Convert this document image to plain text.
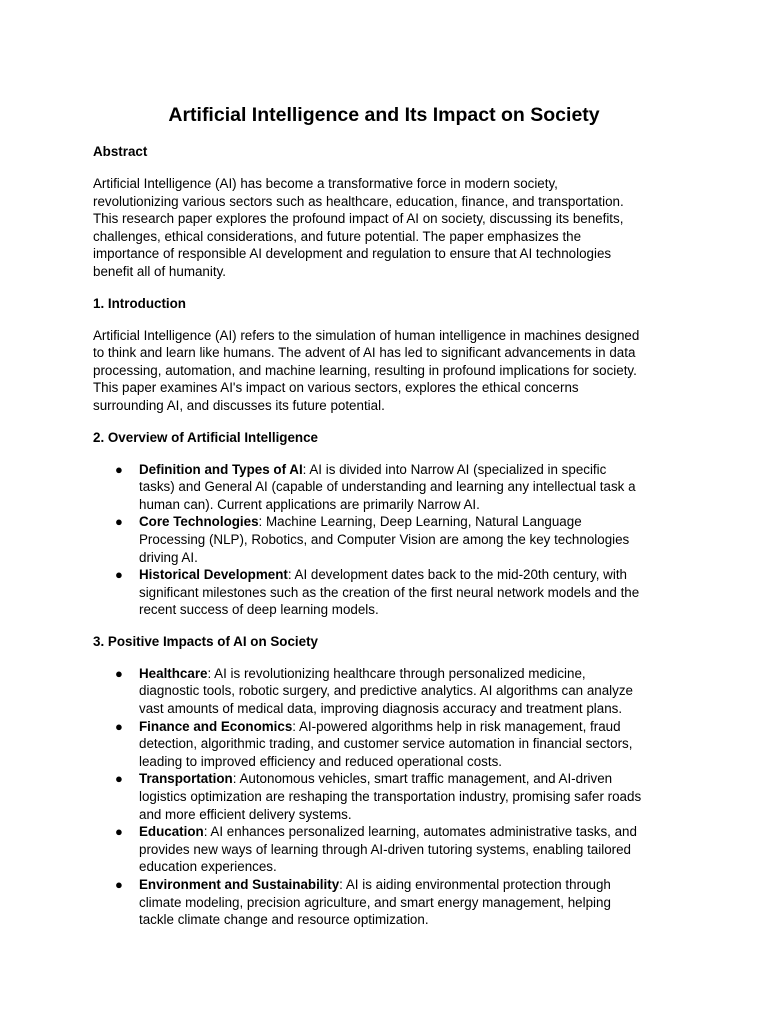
Artificial Intelligence and Its Impact on Society
Abstract

Artificial Intelligence (AI) has become a transformative force in modern society,
revolutionizing various sectors such as healthcare, education, finance, and transportation.
This research paper explores the profound impact of AI on society, discussing its benefits,
challenges, ethical considerations, and future potential. The paper emphasizes the
importance of responsible AI development and regulation to ensure that AI technologies
benefit all of humanity.

1. Introduction

Artificial Intelligence (AI) refers to the simulation of human intelligence in machines designed
to think and learn like humans. The advent of AI has led to significant advancements in data
processing, automation, and machine learning, resulting in profound implications for society.
This paper examines AI's impact on various sectors, explores the ethical concerns
surrounding AI, and discusses its future potential.

2. Overview of Artificial Intelligence
● Definition and Types of AI: AI is divided into Narrow AI (specialized in specific
tasks) and General AI (capable of understanding and learning any intellectual task a
human can). Current applications are primarily Narrow AI.
● Core Technologies: Machine Learning, Deep Learning, Natural Language
Processing (NLP), Robotics, and Computer Vision are among the key technologies
driving AI.
● Historical Development: AI development dates back to the mid-20th century, with
significant milestones such as the creation of the first neural network models and the
recent success of deep learning models.
3. Positive Impacts of AI on Society
● Healthcare: AI is revolutionizing healthcare through personalized medicine,
diagnostic tools, robotic surgery, and predictive analytics. AI algorithms can analyze
vast amounts of medical data, improving diagnosis accuracy and treatment plans.
● Finance and Economics: AI-powered algorithms help in risk management, fraud
detection, algorithmic trading, and customer service automation in financial sectors,
leading to improved efficiency and reduced operational costs.
● Transportation: Autonomous vehicles, smart traffic management, and AI-driven
logistics optimization are reshaping the transportation industry, promising safer roads
and more efficient delivery systems.
● Education: AI enhances personalized learning, automates administrative tasks, and
provides new ways of learning through AI-driven tutoring systems, enabling tailored
education experiences.
● Environment and Sustainability: AI is aiding environmental protection through
climate modeling, precision agriculture, and smart energy management, helping
tackle climate change and resource optimization.
